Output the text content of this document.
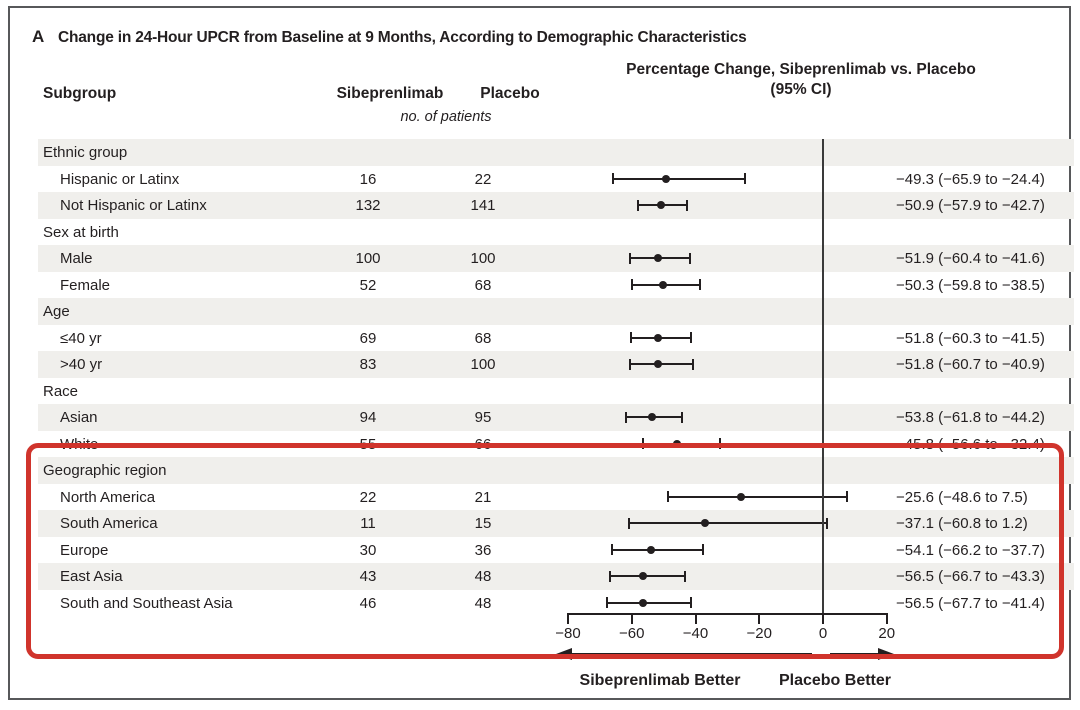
A Change in 24-Hour UPCR from Baseline at 9 Months, According to Demographic Characteristics
Subgroup	Sibeprenlimab	Placebo
Percentage Change, Sibeprenlimab vs. Placebo
(95% CI)
no. of patients
Ethnic group
Hispanic or Latinx	16	22	−49.3 (−65.9 to −24.4)
Not Hispanic or Latinx	132	141	−50.9 (−57.9 to −42.7)
Sex at birth
Male	100	100	−51.9 (−60.4 to −41.6)
Female	52	68	−50.3 (−59.8 to −38.5)
Age
≤40 yr	69	68	−51.8 (−60.3 to −41.5)
>40 yr	83	100	−51.8 (−60.7 to −40.9)
Race
Asian	94	95	−53.8 (−61.8 to −44.2)
White	55	66	−45.8 (−56.6 to −32.4)
Geographic region
North America	22	21	−25.6 (−48.6 to 7.5)
South America	11	15	−37.1 (−60.8 to 1.2)
Europe	30	36	−54.1 (−66.2 to −37.7)
East Asia	43	48	−56.5 (−66.7 to −43.3)
South and Southeast Asia	46	48	−56.5 (−67.7 to −41.4)
−80	−60	−40	−20	0	20
Sibeprenlimab Better	Placebo Better
